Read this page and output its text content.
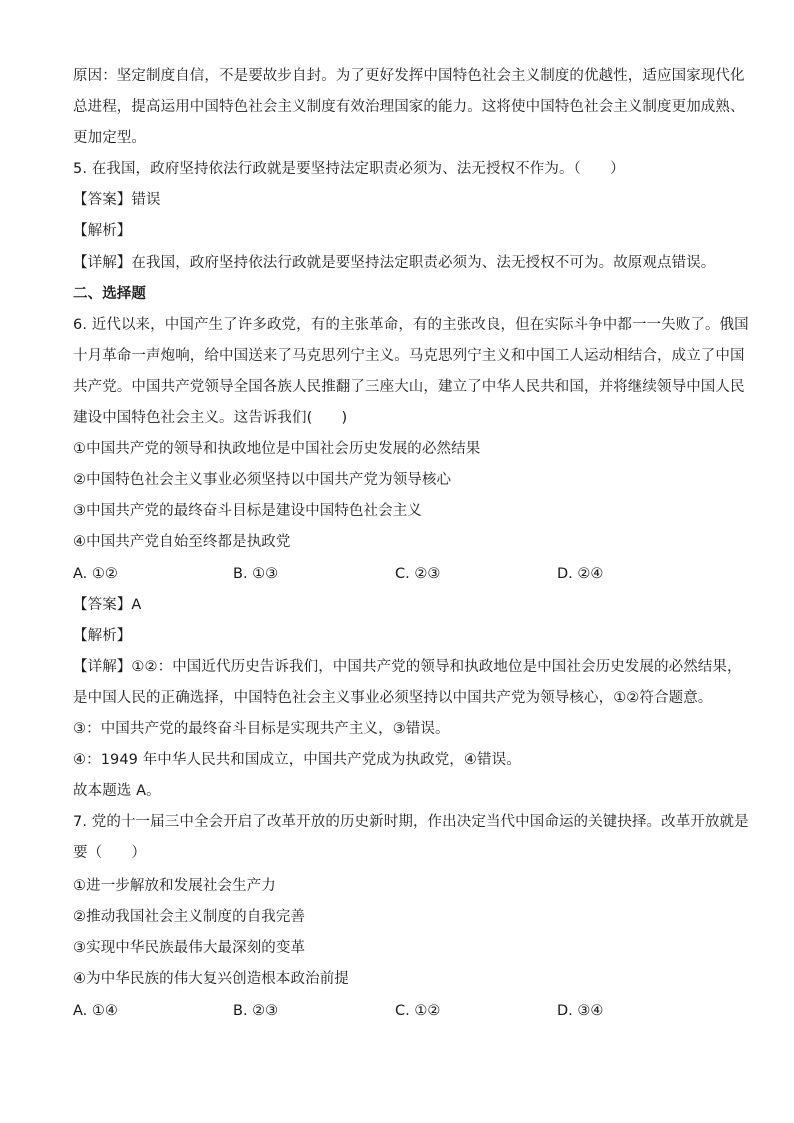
原因：坚定制度自信，不是要故步自封。为了更好发挥中国特色社会主义制度的优越性，适应国家现代化
总进程，提高运用中国特色社会主义制度有效治理国家的能力。这将使中国特色社会主义制度更加成熟、
更加定型。
5. 在我国，政府坚持依法行政就是要坚持法定职责必须为、法无授权不作为。（　　）
【答案】错误
【解析】
【详解】在我国，政府坚持依法行政就是要坚持法定职责必须为、法无授权不可为。故原观点错误。
二、选择题
6. 近代以来，中国产生了许多政党，有的主张革命，有的主张改良，但在实际斗争中都一一失败了。俄国
十月革命一声炮响，给中国送来了马克思列宁主义。马克思列宁主义和中国工人运动相结合，成立了中国
共产党。中国共产党领导全国各族人民推翻了三座大山，建立了中华人民共和国，并将继续领导中国人民
建设中国特色社会主义。这告诉我们(　　)
①中国共产党的领导和执政地位是中国社会历史发展的必然结果
②中国特色社会主义事业必须坚持以中国共产党为领导核心
③中国共产党的最终奋斗目标是建设中国特色社会主义
④中国共产党自始至终都是执政党
A. ①②	B. ①③	C. ②③	D. ②④
【答案】A
【解析】
【详解】①②：中国近代历史告诉我们，中国共产党的领导和执政地位是中国社会历史发展的必然结果，
是中国人民的正确选择，中国特色社会主义事业必须坚持以中国共产党为领导核心，①②符合题意。
③：中国共产党的最终奋斗目标是实现共产主义，③错误。
④：1949 年中华人民共和国成立，中国共产党成为执政党，④错误。
故本题选 A。
7. 党的十一届三中全会开启了改革开放的历史新时期，作出决定当代中国命运的关键抉择。改革开放就是
要（　　）
①进一步解放和发展社会生产力
②推动我国社会主义制度的自我完善
③实现中华民族最伟大最深刻的变革
④为中华民族的伟大复兴创造根本政治前提
A. ①④	B. ②③	C. ①②	D. ③④
